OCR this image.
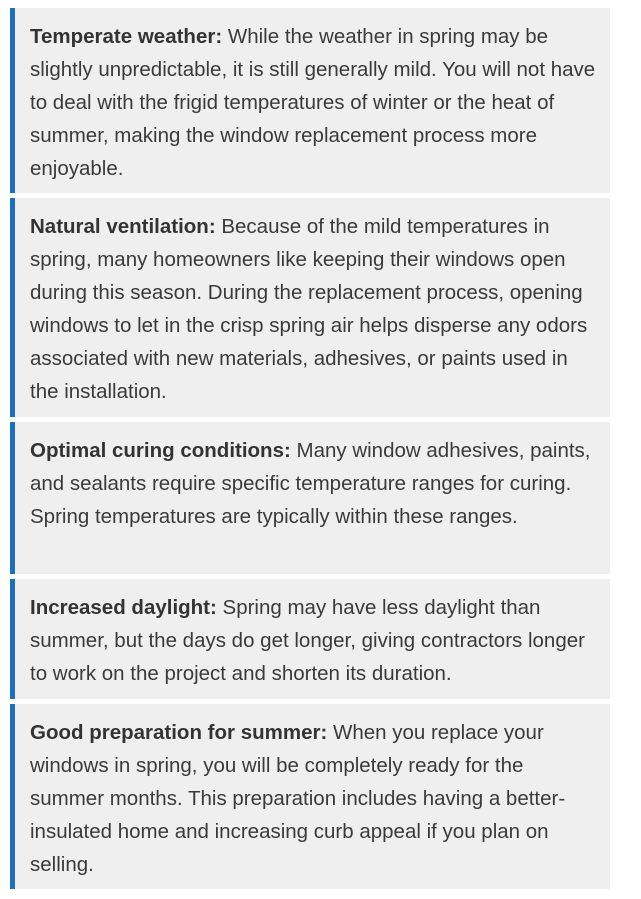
Temperate weather: While the weather in spring may be slightly unpredictable, it is still generally mild. You will not have to deal with the frigid temperatures of winter or the heat of summer, making the window replacement process more enjoyable.
Natural ventilation: Because of the mild temperatures in spring, many homeowners like keeping their windows open during this season. During the replacement process, opening windows to let in the crisp spring air helps disperse any odors associated with new materials, adhesives, or paints used in the installation.
Optimal curing conditions: Many window adhesives, paints, and sealants require specific temperature ranges for curing. Spring temperatures are typically within these ranges.
Increased daylight: Spring may have less daylight than summer, but the days do get longer, giving contractors longer to work on the project and shorten its duration.
Good preparation for summer: When you replace your windows in spring, you will be completely ready for the summer months. This preparation includes having a better-insulated home and increasing curb appeal if you plan on selling.
